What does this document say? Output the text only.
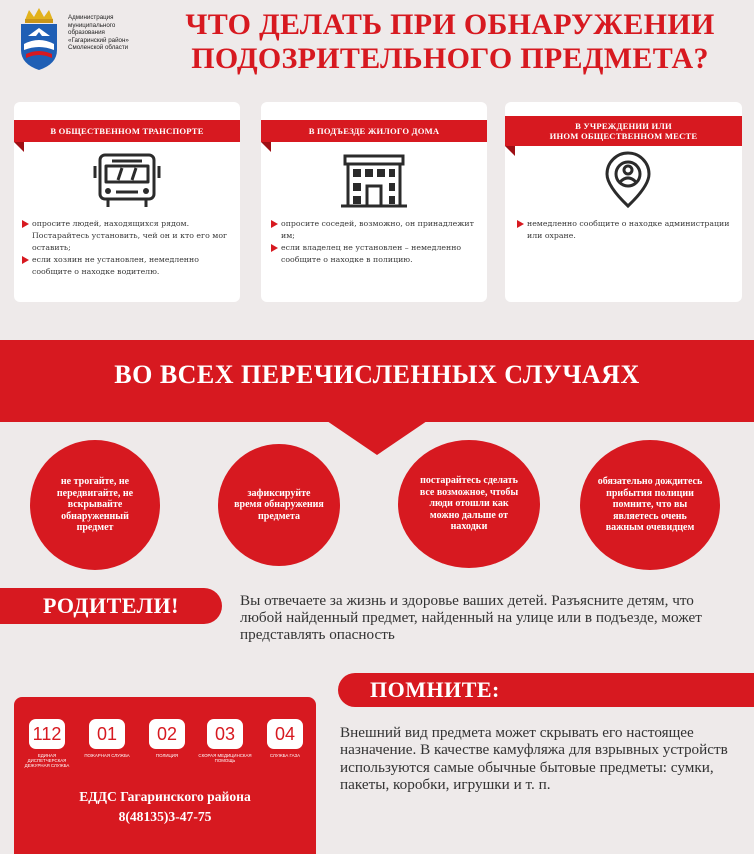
Администрация
муниципального
образования
«Гагаринский район»
Смоленской области
ЧТО ДЕЛАТЬ ПРИ ОБНАРУЖЕНИИ
ПОДОЗРИТЕЛЬНОГО ПРЕДМЕТА?
В ОБЩЕСТВЕННОМ ТРАНСПОРТЕ
опросите людей, находящихся рядом. Постарайтесь установить, чей он и кто его мог оставить;
если хозяин не установлен, немедленно сообщите о находке водителю.
В ПОДЪЕЗДЕ ЖИЛОГО ДОМА
опросите соседей, возможно, он принадлежит им;
если владелец не установлен – немедленно сообщите о находке в полицию.
В УЧРЕЖДЕНИИ ИЛИ
ИНОМ ОБЩЕСТВЕННОМ МЕСТЕ
немедленно сообщите о находке администрации или охране.
ВО ВСЕХ ПЕРЕЧИСЛЕННЫХ СЛУЧАЯХ
не трогайте, не передвигайте, не вскрывайте обнаруженный предмет
зафиксируйте время обнаружения предмета
постарайтесь сделать все возможное, чтобы люди отошли как можно дальше от находки
обязательно дождитесь прибытия полиции помните, что вы являетесь очень важным очевидцем
РОДИТЕЛИ!	Вы отвечаете за жизнь и здоровье ваших детей. Разъясните детям, что любой найденный предмет, найденный на улице или в подъезде, может представлять опасность
112
ЕДИНАЯ ДИСПЕТЧЕРСКАЯ ДЕЖУРНАЯ СЛУЖБА
01
ПОЖАРНАЯ СЛУЖБА
02
ПОЛИЦИЯ
03
СКОРАЯ МЕДИЦИНСКАЯ ПОМОЩЬ
04
СЛУЖБА ГАЗА
ЕДДС Гагаринского района
8(48135)3-47-75
ПОМНИТЕ:
Внешний вид предмета может скрывать его настоящее назначение. В качестве камуфляжа для взрывных устройств используются самые обычные бытовые предметы: сумки, пакеты, коробки, игрушки и т. п.
